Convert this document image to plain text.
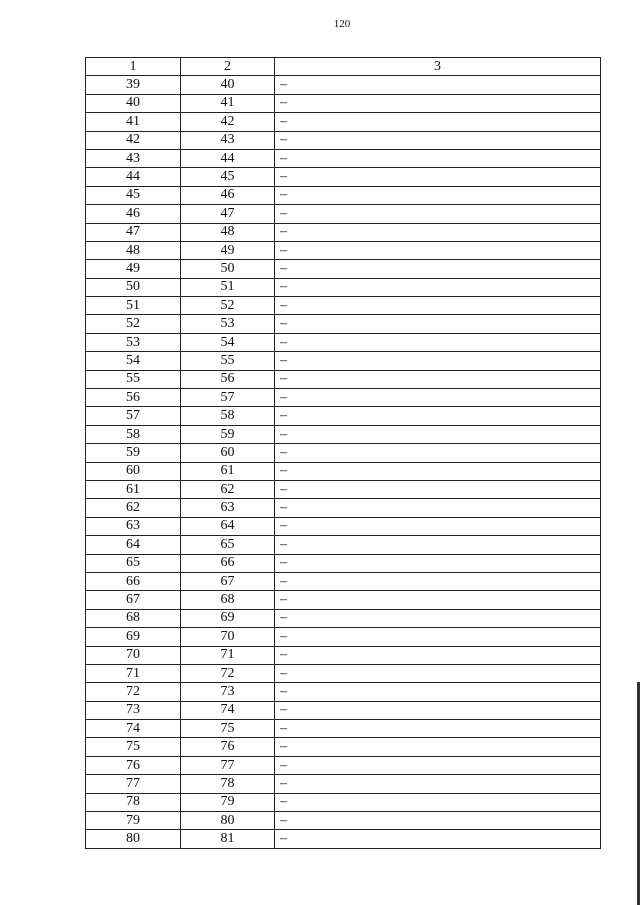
120
1	2	3
39	40	–
40	41	–
41	42	–
42	43	–
43	44	–
44	45	–
45	46	–
46	47	–
47	48	–
48	49	–
49	50	–
50	51	–
51	52	–
52	53	–
53	54	–
54	55	–
55	56	–
56	57	–
57	58	–
58	59	–
59	60	–
60	61	–
61	62	–
62	63	–
63	64	–
64	65	–
65	66	–
66	67	–
67	68	–
68	69	–
69	70	–
70	71	–
71	72	–
72	73	–
73	74	–
74	75	–
75	76	–
76	77	–
77	78	–
78	79	–
79	80	–
80	81	–
